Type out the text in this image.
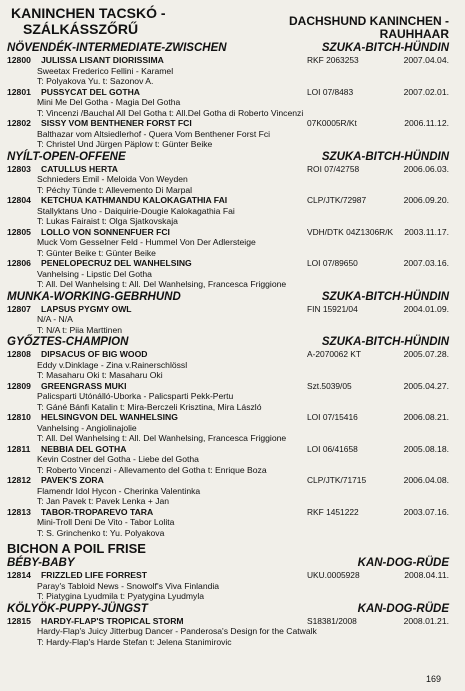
KANINCHEN TACSKÓ -
SZÁLKÁSSZŐRŰ	DACHSHUND KANINCHEN -
RAUHHAAR
NÖVENDÉK-INTERMEDIATE-ZWISCHEN	SZUKA-BITCH-HÜNDIN
12800	JULISSA LISANT DIORISSIMA	RKF 2063253	2007.04.04.
Sweetax Frederico Fellini - Karamel
T: Polyakova Yu. t: Sazonov A.
12801	PUSSYCAT DEL GOTHA	LOI 07/8483	2007.02.01.
Mini Me Del Gotha - Magia Del Gotha
T: Vincenzi /Bauchal All Del Gotha t: All.Del Gotha di Roberto Vincenzi
12802	SISSY VOM BENTHENER FORST FCI	07K0005R/Kt	2006.11.12.
Balthazar vom Altsiedlerhof - Quera Vom Benthener Forst Fci
T: Christel Und Jürgen Päplow t: Günter Beike
NYÍLT-OPEN-OFFENE	SZUKA-BITCH-HÜNDIN
12803	CATULLUS HERTA	ROI 07/42758	2006.06.03.
Schnieders Emil - Meloida Von Weyden
T: Péchy Tünde t: Allevemento Di Marpal
12804	KETCHUA KATHMANDU KALOKAGATHIA FAI	CLP/JTK/72987	2006.09.20.
Stallyktans Uno - Daiquirie-Dougie Kalokagathia Fai
T: Lukas Fairaist t: Olga Sjatkovskaja
12805	LOLLO VON SONNENFUER FCI	VDH/DTK 04Z1306R/K	2003.11.17.
Muck Vom Gesselner Feld - Hummel Von Der Adlersteige
T: Günter Beike t: Günter Beike
12806	PENELOPECRUZ DEL WANHELSING	LOI 07/89650	2007.03.16.
Vanhelsing - Lipstic Del Gotha
T: All. Del Wanhelsing t: All. Del Wanhelsing, Francesca Friggione
MUNKA-WORKING-GEBRHUND	SZUKA-BITCH-HÜNDIN
12807	LAPSUS PYGMY OWL	FIN 15921/04	2004.01.09.
N/A - N/A
T: N/A t: Piia Marttinen
GYŐZTES-CHAMPION	SZUKA-BITCH-HÜNDIN
12808	DIPSACUS OF BIG WOOD	A-2070062 KT	2005.07.28.
Eddy v.Dinklage - Zina v.Rainerschlössl
T: Masaharu Oki t: Masaharu Oki
12809	GREENGRASS MUKI	Szt.5039/05	2005.04.27.
Palicsparti Utónálló-Uborka - Palicsparti Pekk-Pertu
T: Gáné Bánfi Katalin t: Mira-Berczeli Krisztina, Mira László
12810	HELSINGVON DEL WANHELSING	LOI 07/15416	2006.08.21.
Vanhelsing - Angiolinajolie
T: All. Del Wanhelsing t: All. Del Wanhelsing, Francesca Friggione
12811	NEBBIA DEL GOTHA	LOI 06/41658	2005.08.18.
Kevin Costner del Gotha - Liebe del Gotha
T: Roberto Vincenzi - Allevamento del Gotha t: Enrique Boza
12812	PAVEK'S ZORA	CLP/JTK/71715	2006.04.08.
Flamendr Idol Hycon - Cherinka Valentinka
T: Jan Pavek t: Pavek Lenka + Jan
12813	TABOR-TROPAREVO TARA	RKF 1451222	2003.07.16.
Mini-Troll Deni De Vito - Tabor Lolita
T: S. Grinchenko t: Yu. Polyakova
BICHON A POIL FRISE
BÉBY-BABY	KAN-DOG-RÜDE
12814	FRIZZLED LIFE FORREST	UKU.0005928	2008.04.11.
Paray's Tabloid News - Snowolf's Viva Finlandia
T: Piatygina Lyudmila t: Pyatygina Lyudmyla
KÖLYÖK-PUPPY-JÜNGST	KAN-DOG-RÜDE
12815	HARDY-FLAP'S TROPICAL STORM	S18381/2008	2008.01.21.
Hardy-Flap's Juicy Jitterbug Dancer - Panderosa's Design for the Catwalk
T: Hardy-Flap's Harde Stefan t: Jelena Stanimirovic
169
